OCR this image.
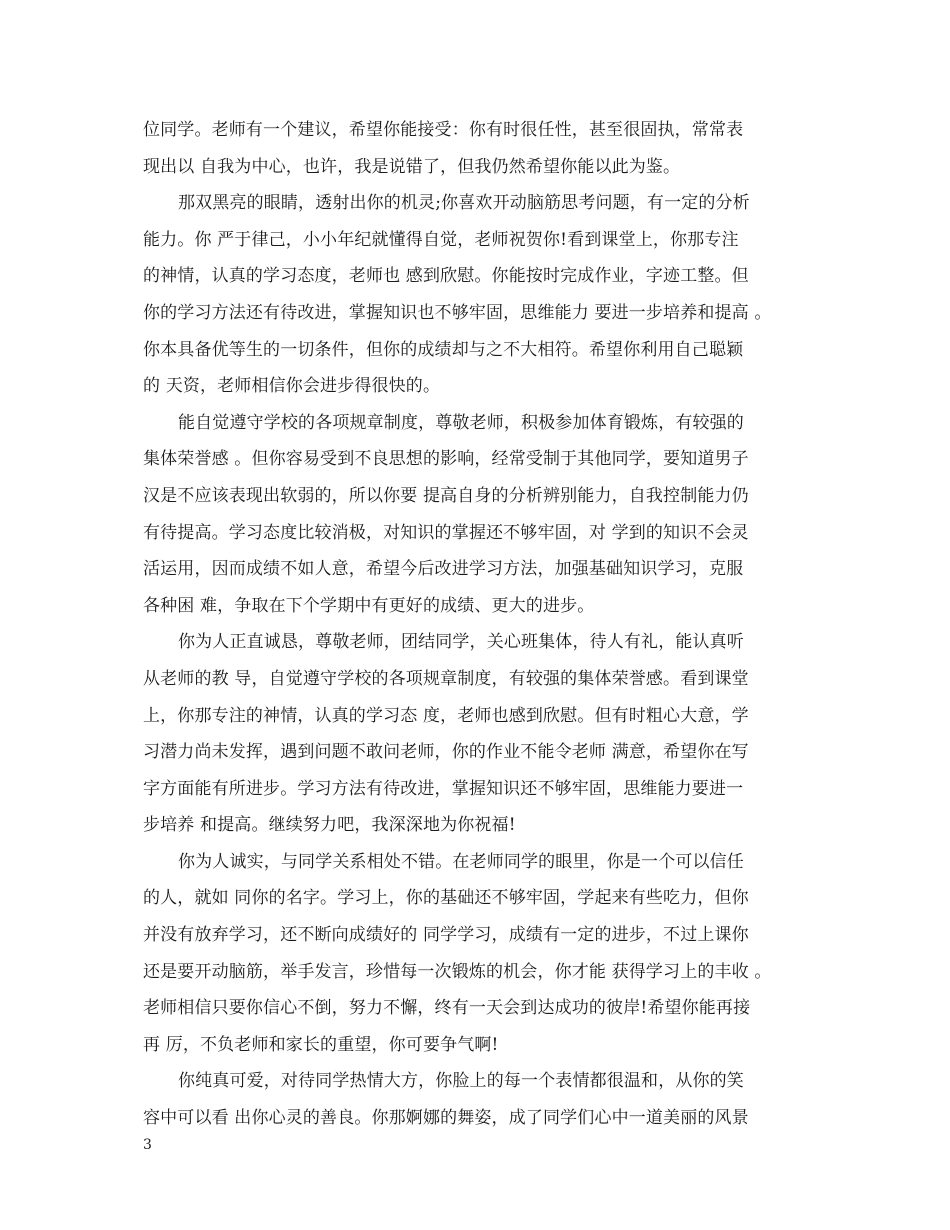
位同学。老师有一个建议，希望你能接受：你有时很任性，甚至很固执，常常表
现出以 自我为中心，也许，我是说错了，但我仍然希望你能以此为鉴。
那双黑亮的眼睛，透射出你的机灵;你喜欢开动脑筋思考问题，有一定的分析
能力。你 严于律己，小小年纪就懂得自觉，老师祝贺你!看到课堂上，你那专注
的神情，认真的学习态度，老师也 感到欣慰。你能按时完成作业，字迹工整。但
你的学习方法还有待改进，掌握知识也不够牢固，思维能力 要进一步培养和提高 。
你本具备优等生的一切条件，但你的成绩却与之不大相符。希望你利用自己聪颖
的 天资，老师相信你会进步得很快的。
能自觉遵守学校的各项规章制度，尊敬老师，积极参加体育锻炼，有较强的
集体荣誉感 。但你容易受到不良思想的影响，经常受制于其他同学，要知道男子
汉是不应该表现出软弱的，所以你要 提高自身的分析辨别能力，自我控制能力仍
有待提高。学习态度比较消极，对知识的掌握还不够牢固，对 学到的知识不会灵
活运用，因而成绩不如人意，希望今后改进学习方法，加强基础知识学习，克服
各种困 难，争取在下个学期中有更好的成绩、更大的进步。
你为人正直诚恳，尊敬老师，团结同学，关心班集体，待人有礼，能认真听
从老师的教 导，自觉遵守学校的各项规章制度，有较强的集体荣誉感。看到课堂
上，你那专注的神情，认真的学习态 度，老师也感到欣慰。但有时粗心大意，学
习潜力尚未发挥，遇到问题不敢问老师，你的作业不能令老师 满意，希望你在写
字方面能有所进步。学习方法有待改进，掌握知识还不够牢固，思维能力要进一
步培养 和提高。继续努力吧，我深深地为你祝福!
你为人诚实，与同学关系相处不错。在老师同学的眼里，你是一个可以信任
的人，就如 同你的名字。学习上，你的基础还不够牢固，学起来有些吃力，但你
并没有放弃学习，还不断向成绩好的 同学学习，成绩有一定的进步，不过上课你
还是要开动脑筋，举手发言，珍惜每一次锻炼的机会，你才能 获得学习上的丰收 。
老师相信只要你信心不倒，努力不懈，终有一天会到达成功的彼岸!希望你能再接
再 厉，不负老师和家长的重望，你可要争气啊!
你纯真可爱，对待同学热情大方，你脸上的每一个表情都很温和，从你的笑
容中可以看 出你心灵的善良。你那婀娜的舞姿，成了同学们心中一道美丽的风景
3
